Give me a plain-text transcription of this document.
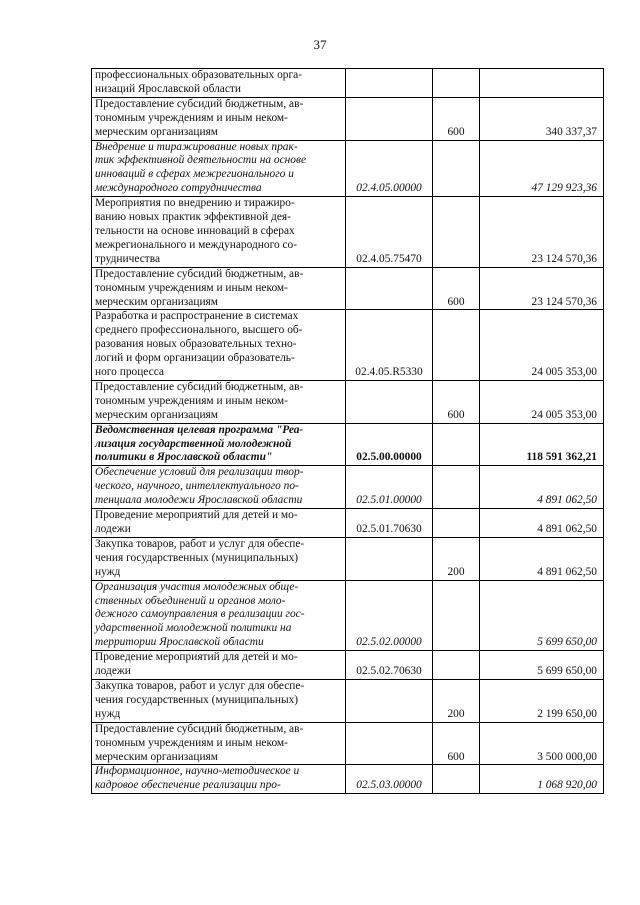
37
профессиональных образовательных орга-
низаций Ярославской области			

Предоставление субсидий бюджетным, ав-
тономным учреждениям и иным неком-
мерческим организациям		600	340 337,37

Внедрение и тиражирование новых прак-
тик эффективной деятельности на основе
инноваций в сферах межрегионального и
международного сотрудничества	02.4.05.00000		47 129 923,36

Мероприятия по внедрению и тиражиро-
ванию новых практик эффективной дея-
тельности на основе инноваций в сферах
межрегионального и международного со-
трудничества	02.4.05.75470		23 124 570,36

Предоставление субсидий бюджетным, ав-
тономным учреждениям и иным неком-
мерческим организациям		600	23 124 570,36

Разработка и распространение в системах
среднего профессионального, высшего об-
разования новых образовательных техно-
логий и форм организации образователь-
ного процесса	02.4.05.R5330		24 005 353,00

Предоставление субсидий бюджетным, ав-
тономным учреждениям и иным неком-
мерческим организациям		600	24 005 353,00

Ведомственная целевая программа "Реа-
лизация государственной молодежной
политики в Ярославской области"	02.5.00.00000		118 591 362,21

Обеспечение условий для реализации твор-
ческого, научного, интеллектуального по-
тенциала молодежи Ярославской области	02.5.01.00000		4 891 062,50

Проведение мероприятий для детей и мо-
лодежи	02.5.01.70630		4 891 062,50

Закупка товаров, работ и услуг для обеспе-
чения государственных (муниципальных)
нужд		200	4 891 062,50

Организация участия молодежных обще-
ственных объединений и органов моло-
дежного самоуправления в реализации гос-
ударственной молодежной политики на
территории Ярославской области	02.5.02.00000		5 699 650,00

Проведение мероприятий для детей и мо-
лодежи	02.5.02.70630		5 699 650,00

Закупка товаров, работ и услуг для обеспе-
чения государственных (муниципальных)
нужд		200	2 199 650,00

Предоставление субсидий бюджетным, ав-
тономным учреждениям и иным неком-
мерческим организациям		600	3 500 000,00

Информационное, научно-методическое и
кадровое обеспечение реализации про-	02.5.03.00000		1 068 920,00
